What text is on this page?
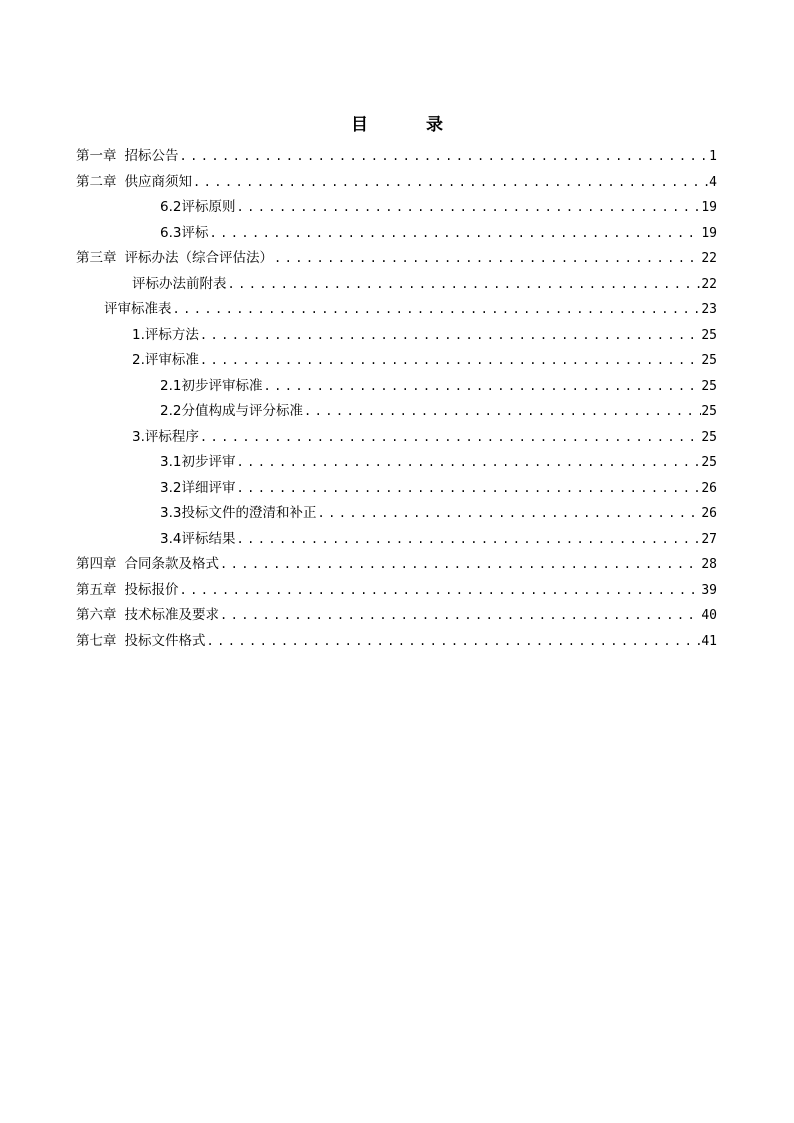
目 录
第一章 招标公告 .....	1
第二章 供应商须知 .....	4
6.2评标原则 .....	19
6.3评标 .....	19
第三章 评标办法（综合评估法） .....	22
评标办法前附表 .....	22
评审标准表 .....	23
1.评标方法 .....	25
2.评审标准 .....	25
2.1初步评审标准 .....	25
2.2分值构成与评分标准 .....	25
3.评标程序 .....	25
3.1初步评审 .....	25
3.2详细评审 .....	26
3.3投标文件的澄清和补正 .....	26
3.4评标结果 .....	27
第四章 合同条款及格式 .....	28
第五章 投标报价 .....	39
第六章 技术标准及要求 .....	40
第七章 投标文件格式 .....	41
